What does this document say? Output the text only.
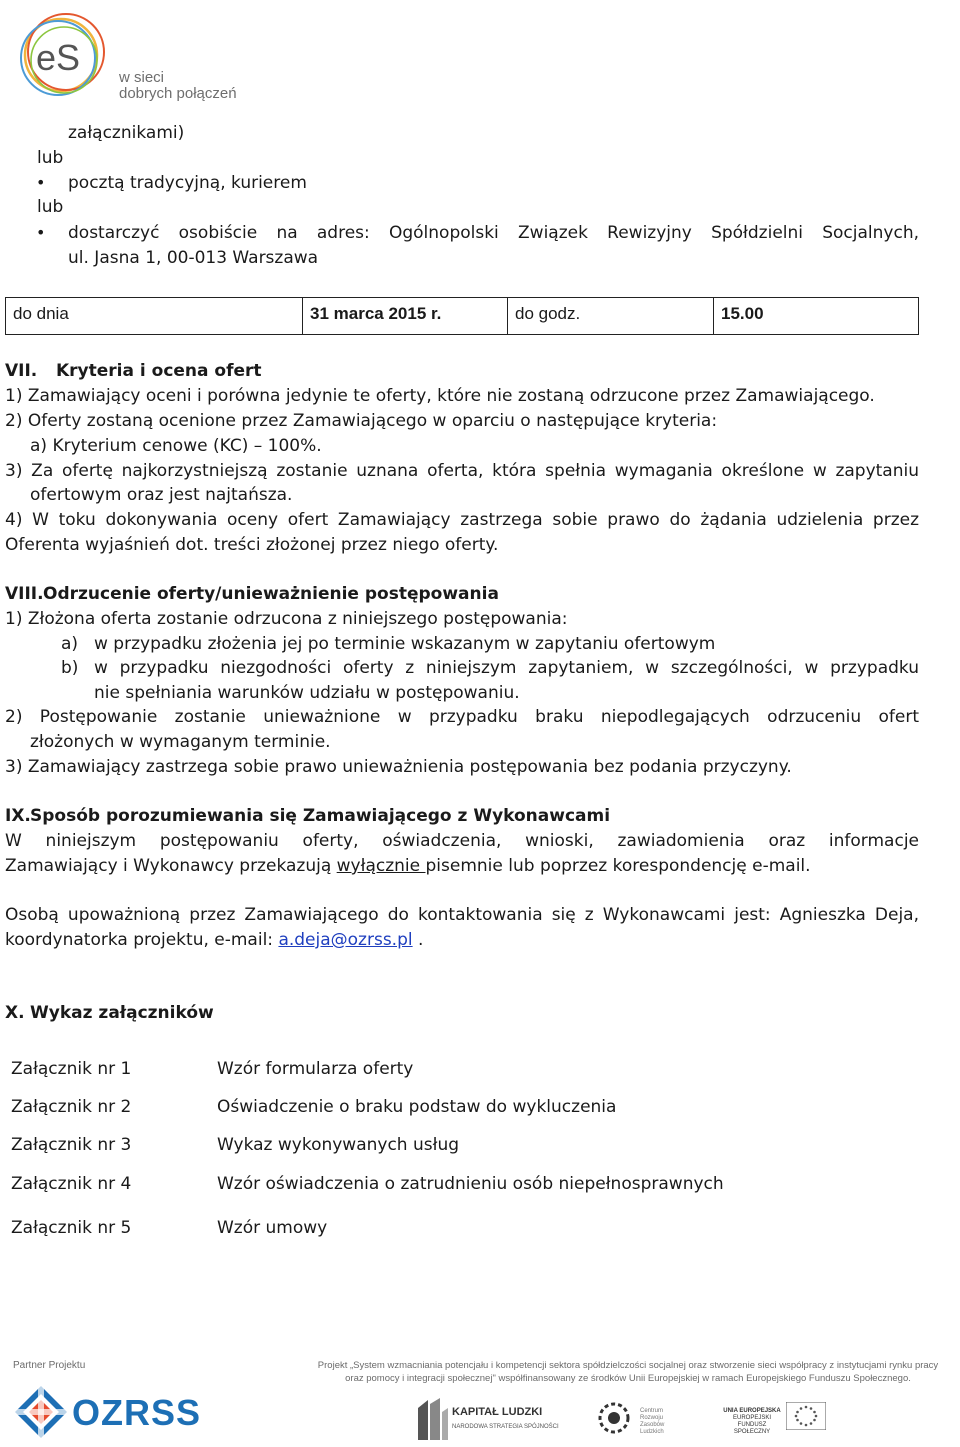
eS	w sieci
dobrych połączeń
załącznikami)
lub
• pocztą tradycyjną, kurierem
lub
• dostarczyć osobiście na adres: Ogólnopolski Związek Rewizyjny Spółdzielni Socjalnych,
ul. Jasna 1, 00-013 Warszawa
do dnia	31 marca 2015 r.	do godz.	15.00
VII. Kryteria i ocena ofert
1) Zamawiający oceni i porówna jedynie te oferty, które nie zostaną odrzucone przez Zamawiającego.
2) Oferty zostaną ocenione przez Zamawiającego w oparciu o następujące kryteria:
a) Kryterium cenowe (KC) – 100%.
3) Za ofertę najkorzystniejszą zostanie uznana oferta, która spełnia wymagania określone w zapytaniu
ofertowym oraz jest najtańsza.
4) W toku dokonywania oceny ofert Zamawiający zastrzega sobie prawo do żądania udzielenia przez
Oferenta wyjaśnień dot. treści złożonej przez niego oferty.
VIII. Odrzucenie oferty/unieważnienie postępowania
1) Złożona oferta zostanie odrzucona z niniejszego postępowania:
a) w przypadku złożenia jej po terminie wskazanym w zapytaniu ofertowym
b) w przypadku niezgodności oferty z niniejszym zapytaniem, w szczególności, w przypadku
nie spełniania warunków udziału w postępowaniu.
2) Postępowanie zostanie unieważnione w przypadku braku niepodlegających odrzuceniu ofert
złożonych w wymaganym terminie.
3) Zamawiający zastrzega sobie prawo unieważnienia postępowania bez podania przyczyny.
IX. Sposób porozumiewania się Zamawiającego z Wykonawcami
W niniejszym postępowaniu oferty, oświadczenia, wnioski, zawiadomienia oraz informacje
Zamawiający i Wykonawcy przekazują wyłącznie pisemnie lub poprzez korespondencję e-mail.
Osobą upoważnioną przez Zamawiającego do kontaktowania się z Wykonawcami jest: Agnieszka Deja,
koordynatorka projektu, e-mail: a.deja@ozrss.pl .
X. Wykaz załączników
Załącznik nr 1	Wzór formularza oferty
Załącznik nr 2	Oświadczenie o braku podstaw do wykluczenia
Załącznik nr 3	Wykaz wykonywanych usług
Załącznik nr 4	Wzór oświadczenia o zatrudnieniu osób niepełnosprawnych
Załącznik nr 5	Wzór umowy
Partner Projektu	Projekt „System wzmacniania potencjału i kompetencji sektora spółdzielczości socjalnej oraz stworzenie sieci współpracy z instytucjami rynku pracy
oraz pomocy i integracji społecznej" współfinansowany ze środków Unii Europejskiej w ramach Europejskiego Funduszu Społecznego.
OZRSS	KAPITAŁ LUDZKI
NARODOWA STRATEGIA SPÓJNOŚCI
Centrum
Rozwoju
Zasobów
Ludzkich
UNIA EUROPEJSKA
EUROPEJSKI
FUNDUSZ SPOŁECZNY
